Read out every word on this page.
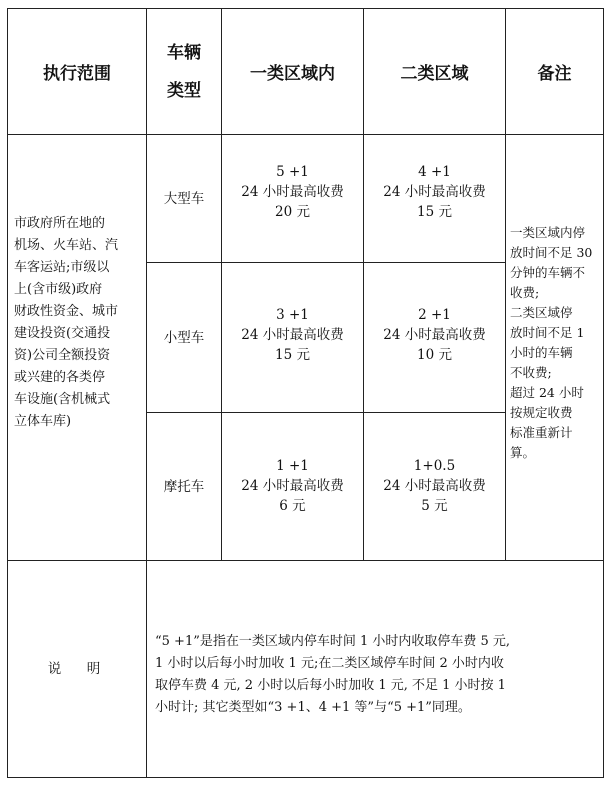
执行范围
车辆
类型
一类区域内	二类区域	备注
市政府所在地的
机场、火车站、汽
车客运站;市级以
上(含市级)政府
财政性资金、城市
建设投资(交通投
资)公司全额投资
或兴建的各类停
车设施(含机械式
立体车库)
大型车
5 +1
24 小时最高收费
20 元
4 +1
24 小时最高收费
15 元
小型车
3 +1
24 小时最高收费
15 元
2 +1
24 小时最高收费
10 元
摩托车
1 +1
24 小时最高收费
6 元
1+0.5
24 小时最高收费
5 元
一类区域内停
放时间不足 30
分钟的车辆不
收费;
二类区域停
放时间不足 1
小时的车辆
不收费;
超过 24 小时
按规定收费
标准重新计
算。
说　明
“5 +1”是指在一类区域内停车时间 1 小时内收取停车费 5 元,
1 小时以后每小时加收 1 元;在二类区域停车时间 2 小时内收
取停车费 4 元, 2 小时以后每小时加收 1 元, 不足 1 小时按 1
小时计; 其它类型如“3 +1、4 +1 等”与“5 +1”同理。
